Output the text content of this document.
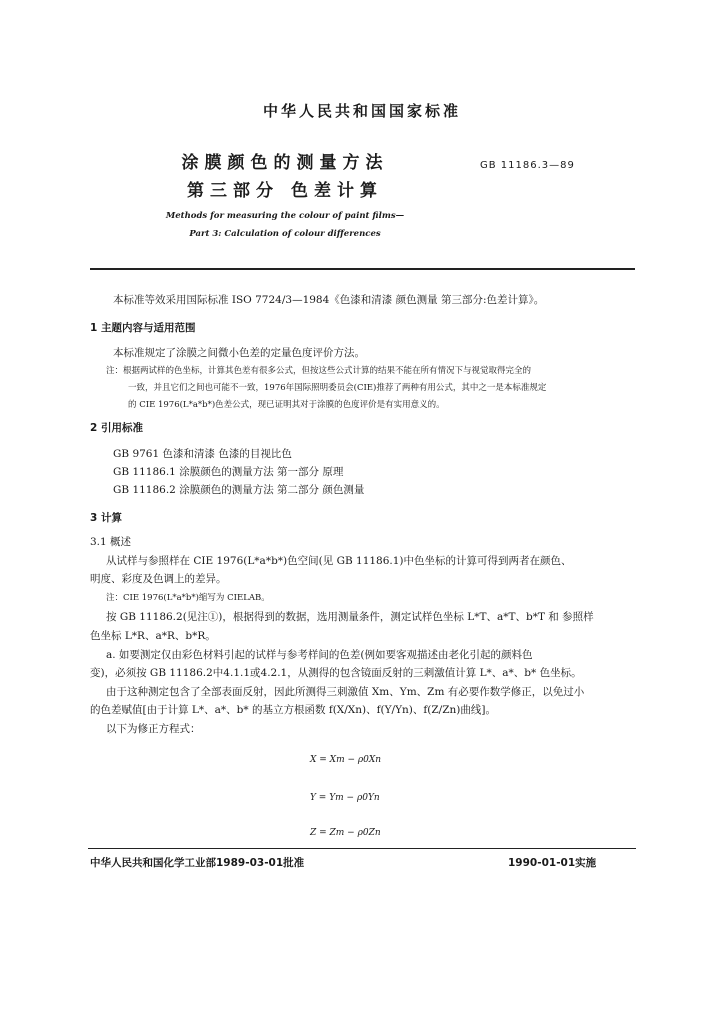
中华人民共和国国家标准
涂膜颜色的测量方法
第三部分 色差计算
GB 11186.3—89
Methods for measuring the colour of paint films—
Part 3: Calculation of colour differences
本标准等效采用国际标准 ISO 7724/3—1984《色漆和清漆 颜色测量 第三部分:色差计算》。
1 主题内容与适用范围
本标准规定了涂膜之间微小色差的定量色度评价方法。
注：根据两试样的色坐标，计算其色差有很多公式，但按这些公式计算的结果不能在所有情况下与视觉取得完全的
一致，并且它们之间也可能不一致，1976年国际照明委员会(CIE)推荐了两种有用公式，其中之一是本标准规定
的 CIE 1976(L*a*b*)色差公式，现已证明其对于涂膜的色度评价是有实用意义的。
2 引用标准
GB 9761 色漆和清漆 色漆的目视比色
GB 11186.1 涂膜颜色的测量方法 第一部分 原理
GB 11186.2 涂膜颜色的测量方法 第二部分 颜色测量
3 计算
3.1 概述
从试样与参照样在 CIE 1976(L*a*b*)色空间(见 GB 11186.1)中色坐标的计算可得到两者在颜色、
明度、彩度及色调上的差异。
注：CIE 1976(L*a*b*)缩写为 CIELAB。
按 GB 11186.2(见注①)，根据得到的数据，选用测量条件，测定试样色坐标 L*T、a*T、b*T 和 参照样
色坐标 L*R、a*R、b*R。
a. 如要测定仅由彩色材料引起的试样与参考样间的色差(例如要客观描述由老化引起的颜料色
变)，必须按 GB 11186.2中4.1.1或4.2.1，从测得的包含镜面反射的三刺激值计算 L*、a*、b* 色坐标。
由于这种测定包含了全部表面反射，因此所测得三刺激值 Xm、Ym、Zm 有必要作数学修正，以免过小
的色差赋值[由于计算 L*、a*、b* 的基立方根函数 f(X/Xn)、f(Y/Yn)、f(Z/Zn)曲线]。
以下为修正方程式：
X = Xm − ρ0Xn
Y = Ym − ρ0Yn
Z = Zm − ρ0Zn
中华人民共和国化学工业部1989-03-01批准	1990-01-01实施
